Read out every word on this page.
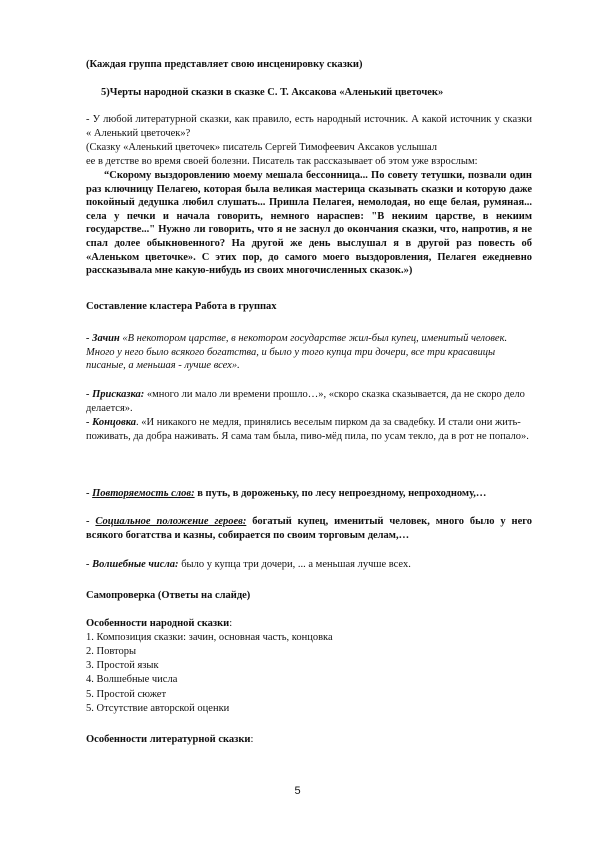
(Каждая группа представляет свою инсценировку сказки)
5)Черты народной сказки в сказке С. Т. Аксакова «Аленький цветочек»
- У любой литературной сказки, как правило, есть народный источник. А какой источник у сказки « Аленький цветочек»?
(Сказку «Аленький цветочек» писатель Сергей Тимофеевич Аксаков услышал
ее в детстве во время своей болезни. Писатель так рассказывает об этом уже взрослым:
“Скорому выздоровлению моему мешала бессонница... По совету тетушки, позвали один раз ключницу Пелагею, которая была великая мастерица сказывать сказки и которую даже покойный дедушка любил слушать... Пришла Пелагея, немолодая, но еще белая, румяная... села у печки и начала говорить, немного нараспев: "В некиим царстве, в некиим государстве..." Нужно ли говорить, что я не заснул до окончания сказки, что, напротив, я не спал долее обыкновенного? На другой же день выслушал я в другой раз повесть об «Аленьком цветочке». С этих пор, до самого моего выздоровления, Пелагея ежедневно рассказывала мне какую-нибудь из своих многочисленных сказок.»)
Составление кластера Работа в группах
- Зачин «В некотором царстве, в некотором государстве жил-был купец, именитый человек. Много у него было всякого богатства, и было у того купца три дочери, все три красавицы писаные, а меньшая - лучше всех».
- Присказка: «много ли мало ли времени прошло…», «скоро сказка сказывается, да не скоро дело делается».
- Концовка. «И никакого не медля, принялись веселым пирком да за свадебку. И стали они жить-поживать, да добра наживать. Я сама там была, пиво-мёд пила, по усам текло, да в рот не попало».
- Повторяемость слов: в путь, в дороженьку, по лесу непроездному, непроходному,…
- Социальное положение героев: богатый купец, именитый человек, много было у него всякого богатства и казны, собирается по своим торговым делам,…
- Волшебные числа: было у купца три дочери, ... а меньшая лучше всех.
Самопроверка (Ответы на слайде)
Особенности народной сказки:
1. Композиция сказки: зачин, основная часть, концовка
2. Повторы
3. Простой язык
4. Волшебные числа
5. Простой сюжет
5. Отсутствие авторской оценки
Особенности литературной сказки:
5
